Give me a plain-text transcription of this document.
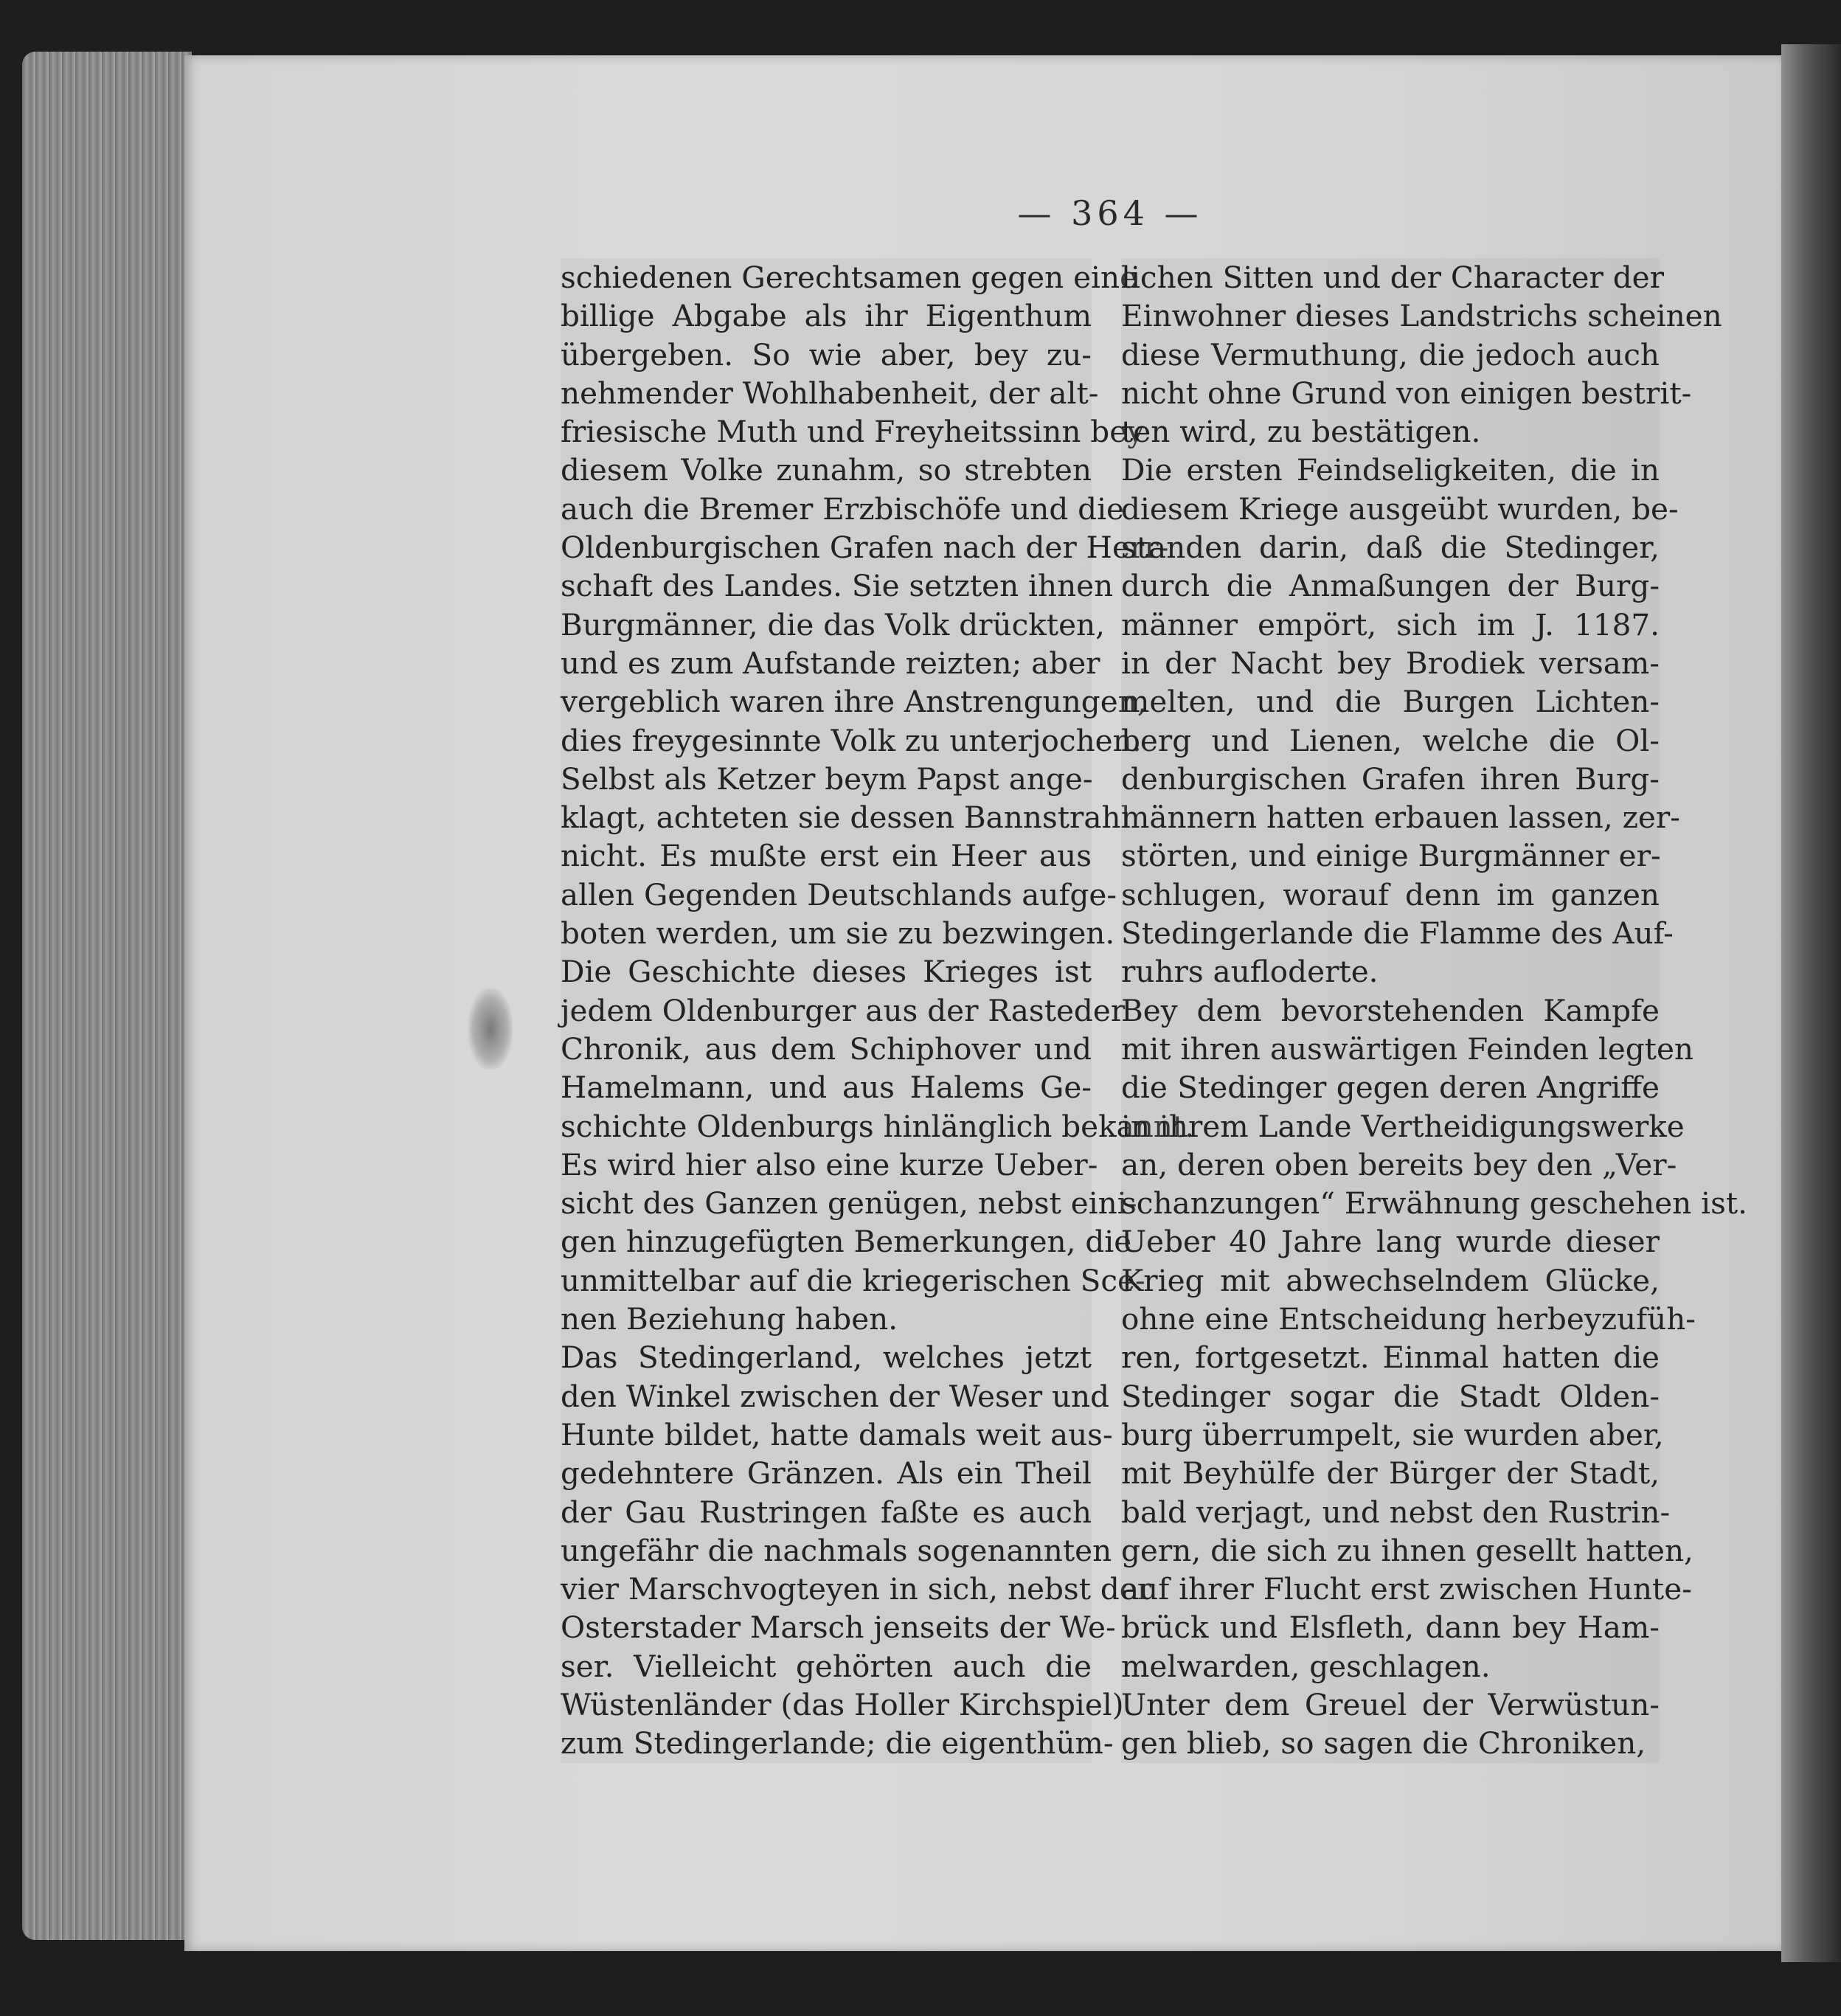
— 364 —
schiedenen Gerechtsamen gegen eine
billige Abgabe als ihr Eigenthum
übergeben. So wie aber, bey zu-
nehmender Wohlhabenheit, der alt-
friesische Muth und Freyheitssinn bey
diesem Volke zunahm, so strebten
auch die Bremer Erzbischöfe und die
Oldenburgischen Grafen nach der Herr-
schaft des Landes. Sie setzten ihnen
Burgmänner, die das Volk drückten,
und es zum Aufstande reizten; aber
vergeblich waren ihre Anstrengungen,
dies freygesinnte Volk zu unterjochen.
Selbst als Ketzer beym Papst ange-
klagt, achteten sie dessen Bannstrahl
nicht. Es mußte erst ein Heer aus
allen Gegenden Deutschlands aufge-
boten werden, um sie zu bezwingen.
Die Geschichte dieses Krieges ist
jedem Oldenburger aus der Rasteder
Chronik, aus dem Schiphover und
Hamelmann, und aus Halems Ge-
schichte Oldenburgs hinlänglich bekannt.
Es wird hier also eine kurze Ueber-
sicht des Ganzen genügen, nebst eini-
gen hinzugefügten Bemerkungen, die
unmittelbar auf die kriegerischen Sce-
nen Beziehung haben.
Das Stedingerland, welches jetzt
den Winkel zwischen der Weser und
Hunte bildet, hatte damals weit aus-
gedehntere Gränzen. Als ein Theil
der Gau Rustringen faßte es auch
ungefähr die nachmals sogenannten
vier Marschvogteyen in sich, nebst der
Osterstader Marsch jenseits der We-
ser. Vielleicht gehörten auch die
Wüstenländer (das Holler Kirchspiel)
zum Stedingerlande; die eigenthüm-
lichen Sitten und der Character der
Einwohner dieses Landstrichs scheinen
diese Vermuthung, die jedoch auch
nicht ohne Grund von einigen bestrit-
ten wird, zu bestätigen.
Die ersten Feindseligkeiten, die in
diesem Kriege ausgeübt wurden, be-
standen darin, daß die Stedinger,
durch die Anmaßungen der Burg-
männer empört, sich im J. 1187.
in der Nacht bey Brodiek versam-
melten, und die Burgen Lichten-
berg und Lienen, welche die Ol-
denburgischen Grafen ihren Burg-
männern hatten erbauen lassen, zer-
störten, und einige Burgmänner er-
schlugen, worauf denn im ganzen
Stedingerlande die Flamme des Auf-
ruhrs aufloderte.
Bey dem bevorstehenden Kampfe
mit ihren auswärtigen Feinden legten
die Stedinger gegen deren Angriffe
in ihrem Lande Vertheidigungswerke
an, deren oben bereits bey den „Ver-
schanzungen“ Erwähnung geschehen ist.
Ueber 40 Jahre lang wurde dieser
Krieg mit abwechselndem Glücke,
ohne eine Entscheidung herbeyzufüh-
ren, fortgesetzt. Einmal hatten die
Stedinger sogar die Stadt Olden-
burg überrumpelt, sie wurden aber,
mit Beyhülfe der Bürger der Stadt,
bald verjagt, und nebst den Rustrin-
gern, die sich zu ihnen gesellt hatten,
auf ihrer Flucht erst zwischen Hunte-
brück und Elsfleth, dann bey Ham-
melwarden, geschlagen.
Unter dem Greuel der Verwüstun-
gen blieb, so sagen die Chroniken,
